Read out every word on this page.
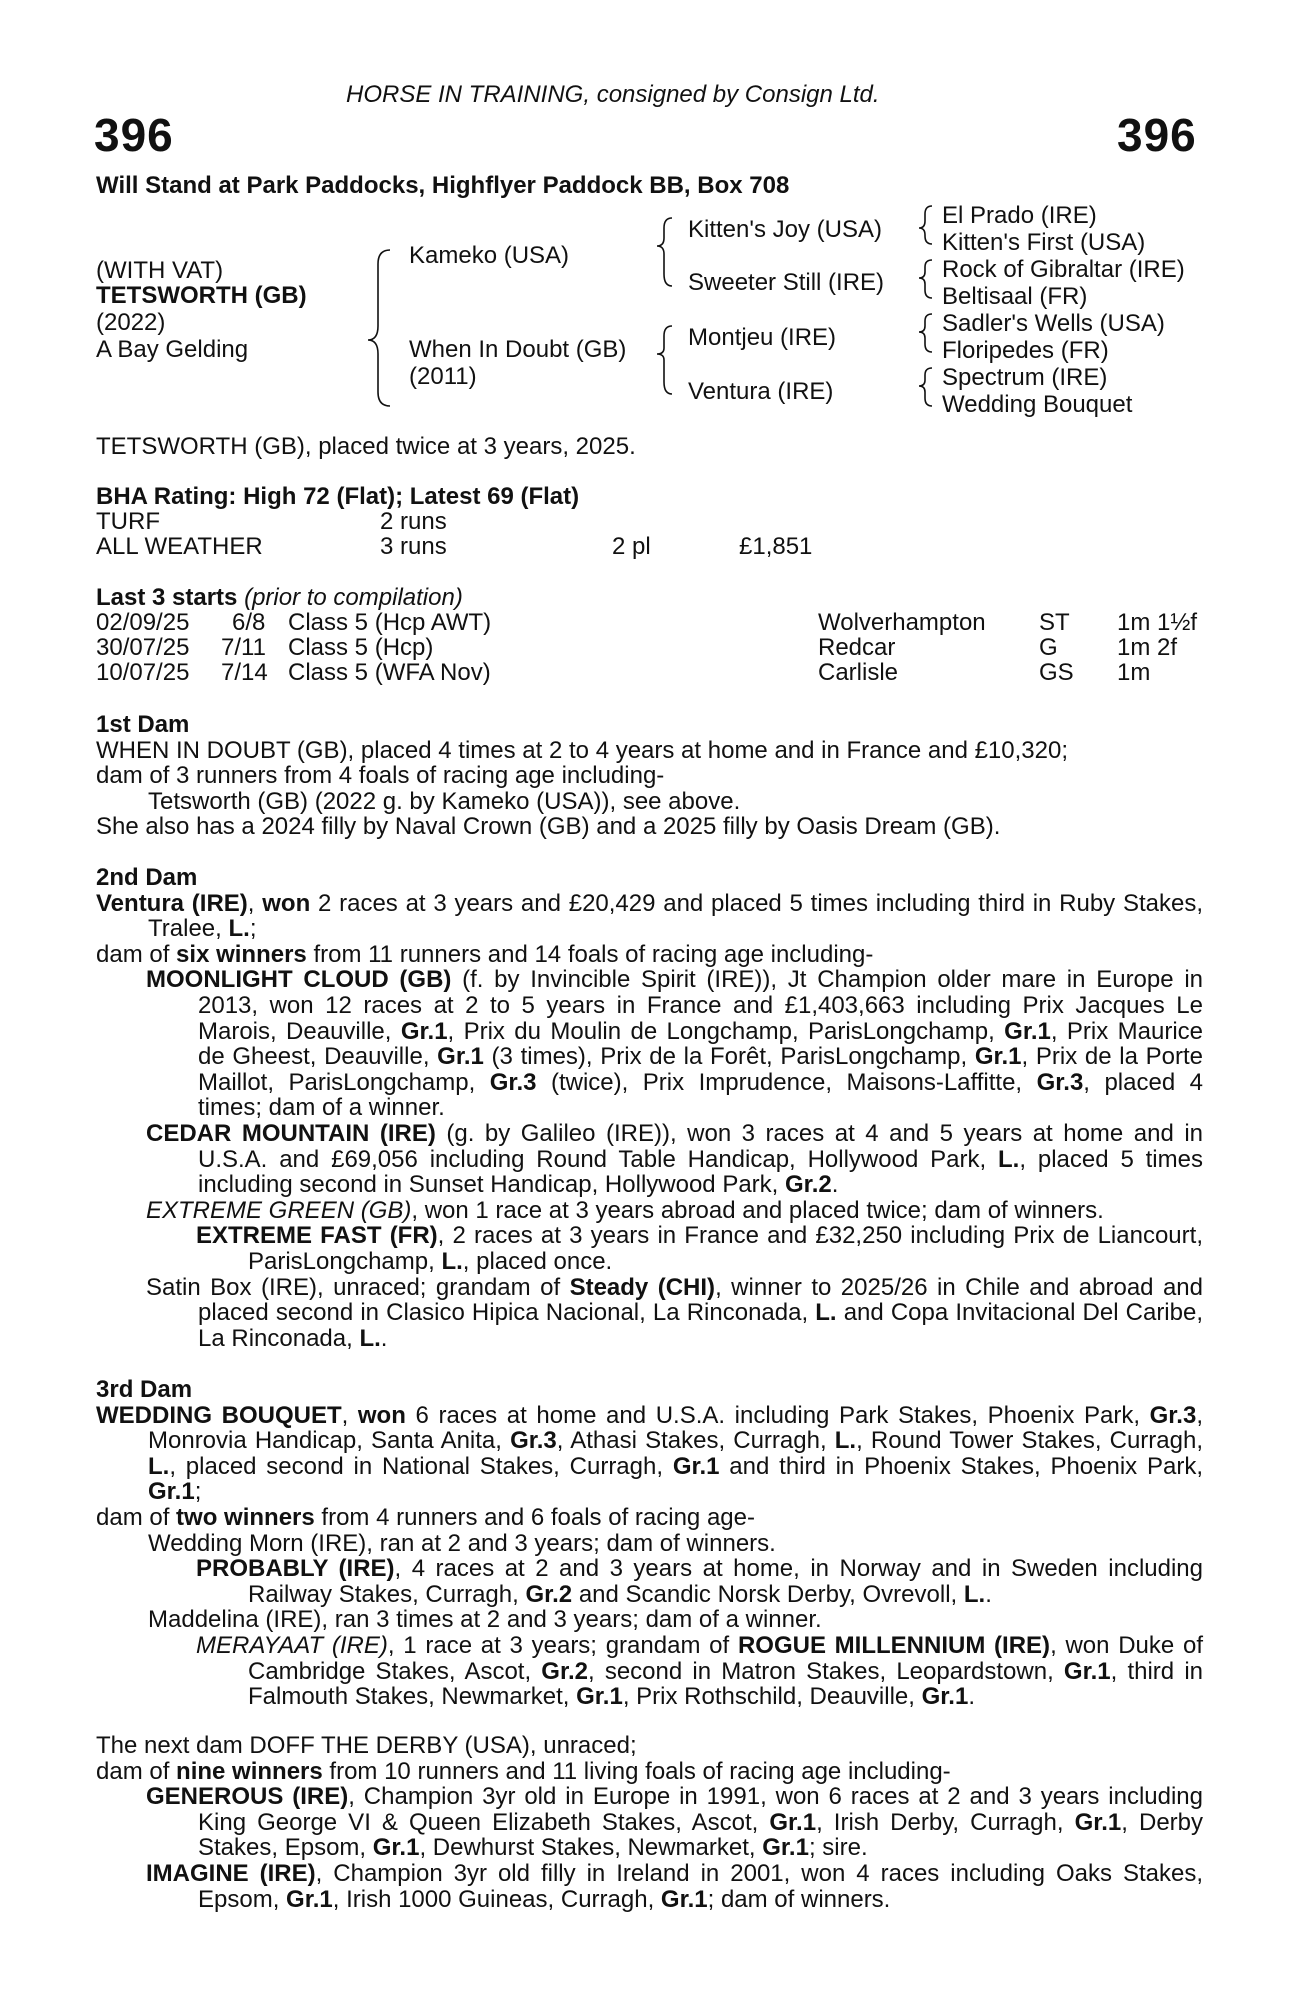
HORSE IN TRAINING, consigned by Consign Ltd.
396	396
Will Stand at Park Paddocks, Highflyer Paddock BB, Box 708
(WITH VAT)
TETSWORTH (GB)
(2022)
A Bay Gelding
Kameko (USA)
When In Doubt (GB)
(2011)
Kitten's Joy (USA)
Sweeter Still (IRE)
Montjeu (IRE)
Ventura (IRE)
El Prado (IRE)
Kitten's First (USA)
Rock of Gibraltar (IRE)
Beltisaal (FR)
Sadler's Wells (USA)
Floripedes (FR)
Spectrum (IRE)
Wedding Bouquet
TETSWORTH (GB), placed twice at 3 years, 2025.
BHA Rating: High 72 (Flat); Latest 69 (Flat)
TURF	2 runs
ALL WEATHER	3 runs	2 pl	£1,851
Last 3 starts (prior to compilation)
02/09/25 6/8 Class 5 (Hcp AWT)	Wolverhampton ST 1m 1½f
30/07/25 7/11 Class 5 (Hcp)	Redcar	G 1m 2f
10/07/25 7/14 Class 5 (WFA Nov)	Carlisle	GS 1m

1st Dam

WHEN IN DOUBT (GB), placed 4 times at 2 to 4 years at home and in France and £10,320;

dam of 3 runners from 4 foals of racing age including-

Tetsworth (GB) (2022 g. by Kameko (USA)), see above.

She also has a 2024 filly by Naval Crown (GB) and a 2025 filly by Oasis Dream (GB).

2nd Dam

Ventura (IRE), won 2 races at 3 years and £20,429 and placed 5 times including third in Ruby Stakes, Tralee, L.;

dam of six winners from 11 runners and 14 foals of racing age including-

MOONLIGHT CLOUD (GB) (f. by Invincible Spirit (IRE)), Jt Champion older mare in Europe in 2013, won 12 races at 2 to 5 years in France and £1,403,663 including Prix Jacques Le Marois, Deauville, Gr.1, Prix du Moulin de Longchamp, ParisLongchamp, Gr.1, Prix Maurice de Gheest, Deauville, Gr.1 (3 times), Prix de la Forêt, ParisLongchamp, Gr.1, Prix de la Porte Maillot, ParisLongchamp, Gr.3 (twice), Prix Imprudence, Maisons-Laffitte, Gr.3, placed 4 times; dam of a winner.

CEDAR MOUNTAIN (IRE) (g. by Galileo (IRE)), won 3 races at 4 and 5 years at home and in U.S.A. and £69,056 including Round Table Handicap, Hollywood Park, L., placed 5 times including second in Sunset Handicap, Hollywood Park, Gr.2.

EXTREME GREEN (GB), won 1 race at 3 years abroad and placed twice; dam of winners.

EXTREME FAST (FR), 2 races at 3 years in France and £32,250 including Prix de Liancourt, ParisLongchamp, L., placed once.

Satin Box (IRE), unraced; grandam of Steady (CHI), winner to 2025/26 in Chile and abroad and placed second in Clasico Hipica Nacional, La Rinconada, L. and Copa Invitacional Del Caribe, La Rinconada, L..

3rd Dam

WEDDING BOUQUET, won 6 races at home and U.S.A. including Park Stakes, Phoenix Park, Gr.3, Monrovia Handicap, Santa Anita, Gr.3, Athasi Stakes, Curragh, L., Round Tower Stakes, Curragh, L., placed second in National Stakes, Curragh, Gr.1 and third in Phoenix Stakes, Phoenix Park, Gr.1;

dam of two winners from 4 runners and 6 foals of racing age-

Wedding Morn (IRE), ran at 2 and 3 years; dam of winners.

PROBABLY (IRE), 4 races at 2 and 3 years at home, in Norway and in Sweden including Railway Stakes, Curragh, Gr.2 and Scandic Norsk Derby, Ovrevoll, L..

Maddelina (IRE), ran 3 times at 2 and 3 years; dam of a winner.

MERAYAAT (IRE), 1 race at 3 years; grandam of ROGUE MILLENNIUM (IRE), won Duke of Cambridge Stakes, Ascot, Gr.2, second in Matron Stakes, Leopardstown, Gr.1, third in Falmouth Stakes, Newmarket, Gr.1, Prix Rothschild, Deauville, Gr.1.

The next dam DOFF THE DERBY (USA), unraced;

dam of nine winners from 10 runners and 11 living foals of racing age including-

GENEROUS (IRE), Champion 3yr old in Europe in 1991, won 6 races at 2 and 3 years including King George VI & Queen Elizabeth Stakes, Ascot, Gr.1, Irish Derby, Curragh, Gr.1, Derby Stakes, Epsom, Gr.1, Dewhurst Stakes, Newmarket, Gr.1; sire.

IMAGINE (IRE), Champion 3yr old filly in Ireland in 2001, won 4 races including Oaks Stakes, Epsom, Gr.1, Irish 1000 Guineas, Curragh, Gr.1; dam of winners.
